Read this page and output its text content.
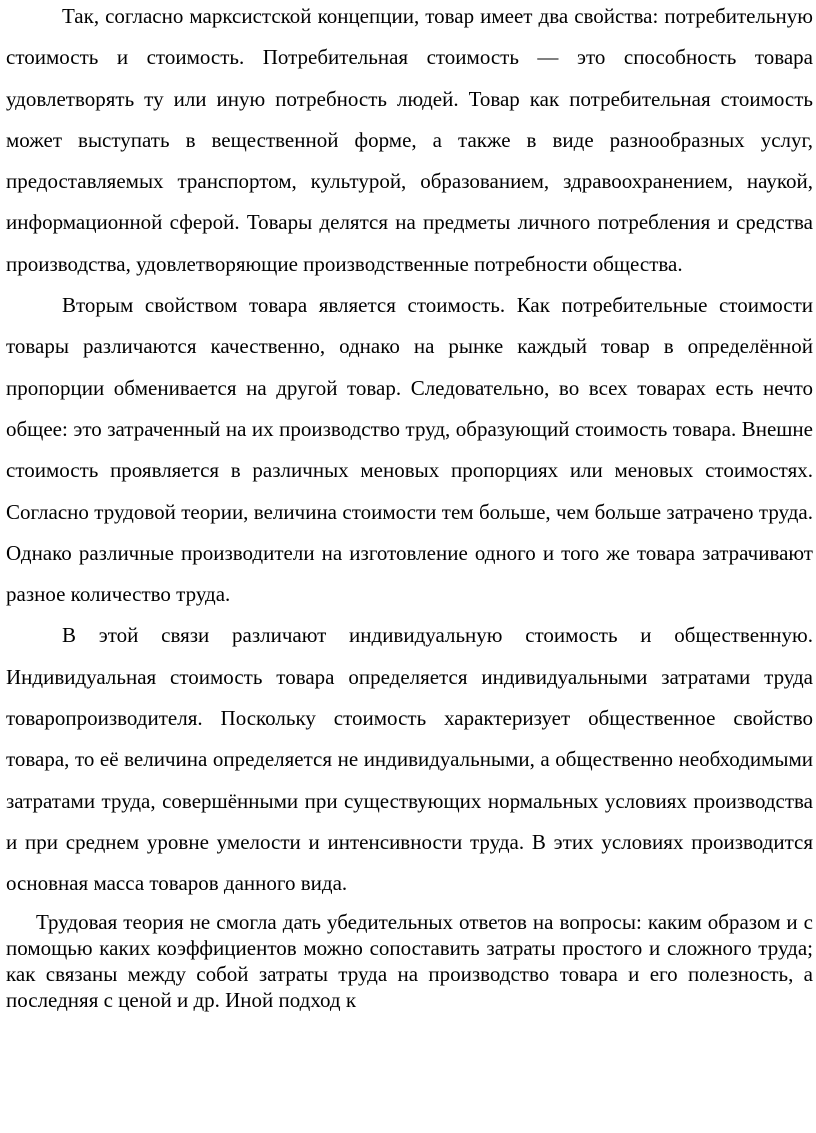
Так, согласно марксистской концепции, товар имеет два свойства: потребительную стоимость и стоимость. Потребительная стоимость — это способность товара удовлетворять ту или иную потребность людей. Товар как потребительная стоимость может выступать в вещественной форме, а также в виде разнообразных услуг, предоставляемых транспортом, культурой, образованием, здравоохранением, наукой, информационной сферой. Товары делятся на предметы личного потребления и средства производства, удовлетворяющие производственные потребности общества.

Вторым свойством товара является стоимость. Как потребительные стоимости товары различаются качественно, однако на рынке каждый товар в определённой пропорции обменивается на другой товар. Следовательно, во всех товарах есть нечто общее: это затраченный на их производство труд, образующий стоимость товара. Внешне стоимость проявляется в различных меновых пропорциях или меновых стоимостях. Согласно трудовой теории, величина стоимости тем больше, чем больше затрачено труда. Однако различные производители на изготовление одного и того же товара затрачивают разное количество труда.

В этой связи различают индивидуальную стоимость и общественную. Индивидуальная стоимость товара определяется индивидуальными затратами труда товаропроизводителя. Поскольку стоимость характеризует общественное свойство товара, то её величина определяется не индивидуальными, а общественно необходимыми затратами труда, совершёнными при существующих нормальных условиях производства и при среднем уровне умелости и интенсивности труда. В этих условиях производится основная масса товаров данного вида.

Трудовая теория не смогла дать убедительных ответов на вопросы: каким образом и с помощью каких коэффициентов можно сопоставить затраты простого и сложного труда; как связаны между собой затраты труда на производство товара и его полезность, а последняя с ценой и др. Иной подход к
